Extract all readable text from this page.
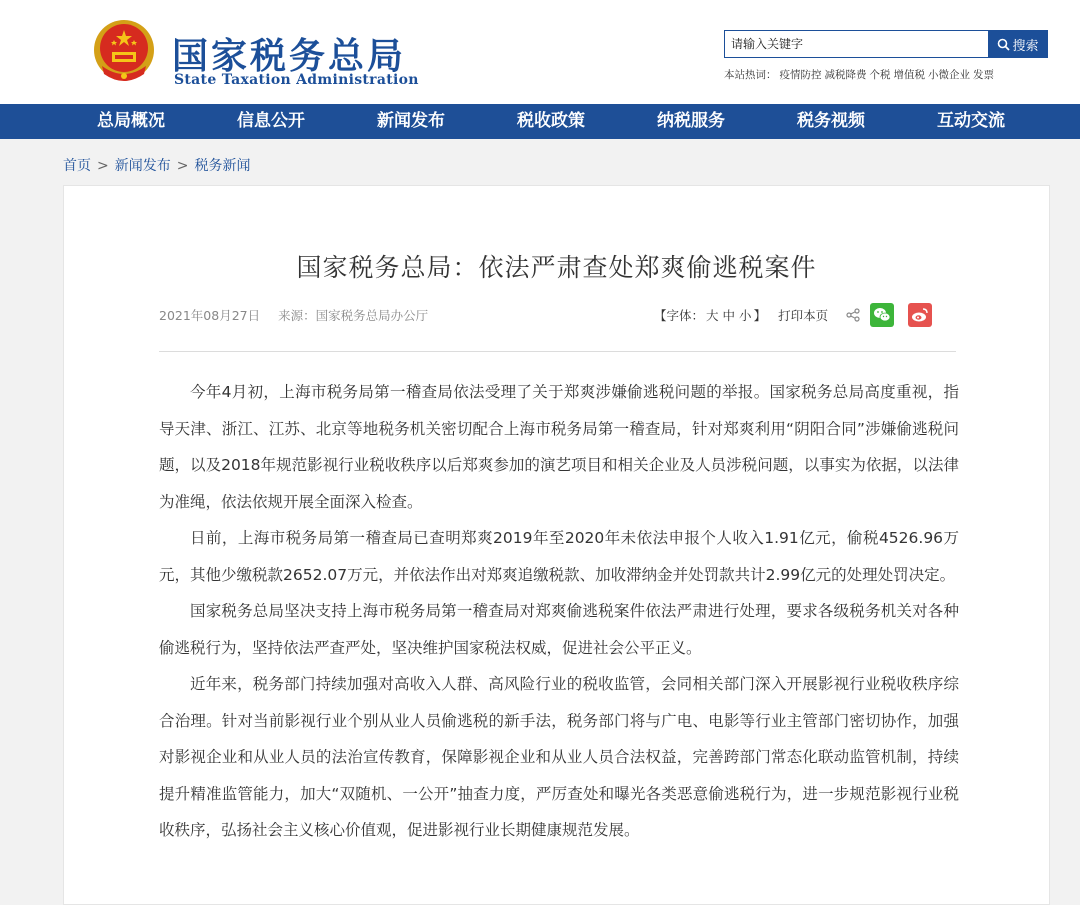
国家税务总局
State Taxation Administration
请输入关键字
搜索
本站热词： 疫情防控 减税降费 个税 增值税 小微企业 发票
总局概况	信息公开	新闻发布	税收政策	纳税服务	税务视频	互动交流
首页 > 新闻发布 > 税务新闻
国家税务总局：依法严肃查处郑爽偷逃税案件
2021年08月27日 来源：国家税务总局办公厅	【字体： 大 中 小 】 打印本页

今年4月初，上海市税务局第一稽查局依法受理了关于郑爽涉嫌偷逃税问题的举报。国家税务总局高度重视，指导天津、浙江、江苏、北京等地税务机关密切配合上海市税务局第一稽查局，针对郑爽利用“阴阳合同”涉嫌偷逃税问题，以及2018年规范影视行业税收秩序以后郑爽参加的演艺项目和相关企业及人员涉税问题，以事实为依据，以法律为准绳，依法依规开展全面深入检查。

日前，上海市税务局第一稽查局已查明郑爽2019年至2020年未依法申报个人收入1.91亿元，偷税4526.96万元，其他少缴税款2652.07万元，并依法作出对郑爽追缴税款、加收滞纳金并处罚款共计2.99亿元的处理处罚决定。

国家税务总局坚决支持上海市税务局第一稽查局对郑爽偷逃税案件依法严肃进行处理，要求各级税务机关对各种偷逃税行为，坚持依法严查严处，坚决维护国家税法权威，促进社会公平正义。

近年来，税务部门持续加强对高收入人群、高风险行业的税收监管，会同相关部门深入开展影视行业税收秩序综合治理。针对当前影视行业个别从业人员偷逃税的新手法，税务部门将与广电、电影等行业主管部门密切协作，加强对影视企业和从业人员的法治宣传教育，保障影视企业和从业人员合法权益，完善跨部门常态化联动监管机制，持续提升精准监管能力，加大“双随机、一公开”抽查力度，严厉查处和曝光各类恶意偷逃税行为，进一步规范影视行业税收秩序，弘扬社会主义核心价值观，促进影视行业长期健康规范发展。
